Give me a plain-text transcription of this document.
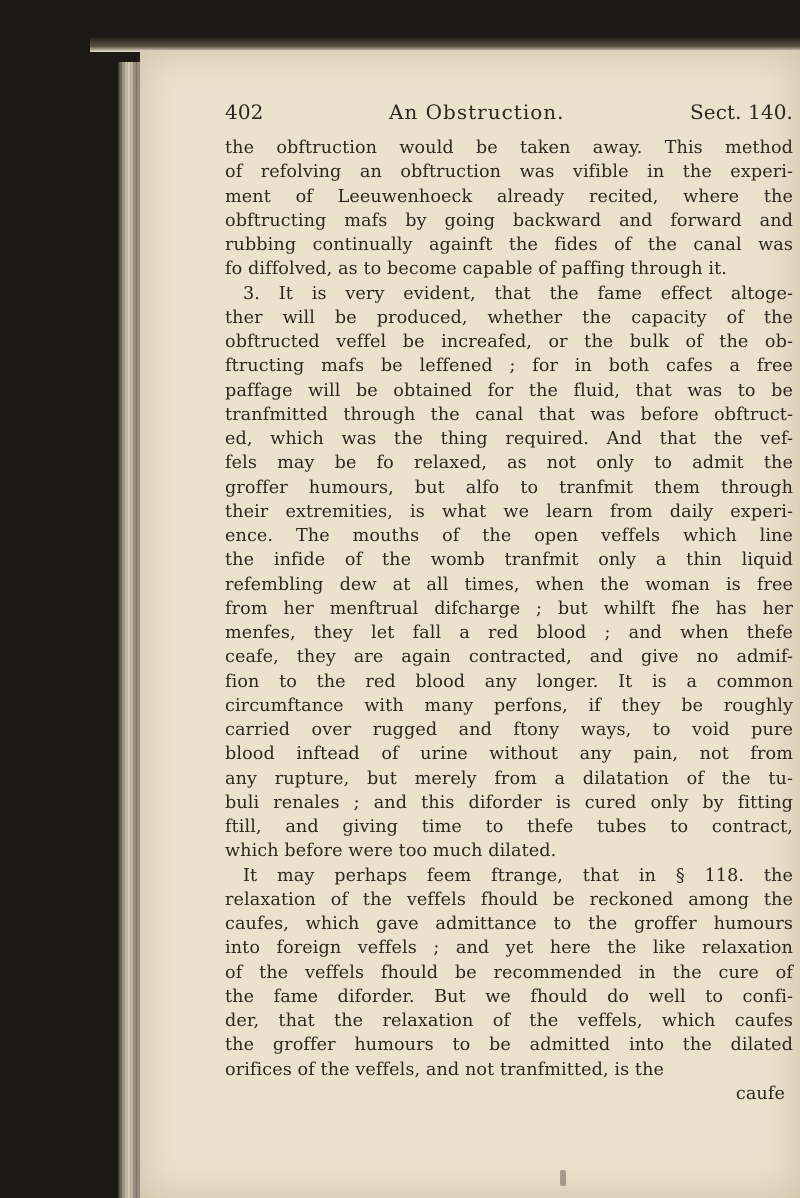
402	An Obstruction.	Sect. 140.
the obftruction would be taken away. This method
of refolving an obftruction was vifible in the experi-
ment of Leeuwenhoeck already recited, where the
obftructing mafs by going backward and forward and
rubbing continually againft the fides of the canal was
fo diffolved, as to become capable of paffing through it.
3. It is very evident, that the fame effect altoge-
ther will be produced, whether the capacity of the
obftructed veffel be increafed, or the bulk of the ob-
ftructing mafs be leffened ; for in both cafes a free
paffage will be obtained for the fluid, that was to be
tranfmitted through the canal that was before obftruct-
ed, which was the thing required. And that the vef-
fels may be fo relaxed, as not only to admit the
groffer humours, but alfo to tranfmit them through
their extremities, is what we learn from daily experi-
ence. The mouths of the open veffels which line
the infide of the womb tranfmit only a thin liquid
refembling dew at all times, when the woman is free
from her menftrual difcharge ; but whilft fhe has her
menfes, they let fall a red blood ; and when thefe
ceafe, they are again contracted, and give no admif-
fion to the red blood any longer. It is a common
circumftance with many perfons, if they be roughly
carried over rugged and ftony ways, to void pure
blood inftead of urine without any pain, not from
any rupture, but merely from a dilatation of the tu-
buli renales ; and this diforder is cured only by fitting
ftill, and giving time to thefe tubes to contract,
which before were too much dilated.
It may perhaps feem ftrange, that in § 118. the
relaxation of the veffels fhould be reckoned among the
caufes, which gave admittance to the groffer humours
into foreign veffels ; and yet here the like relaxation
of the veffels fhould be recommended in the cure of
the fame diforder. But we fhould do well to confi-
der, that the relaxation of the veffels, which caufes
the groffer humours to be admitted into the dilated
orifices of the veffels, and not tranfmitted, is the
caufe
